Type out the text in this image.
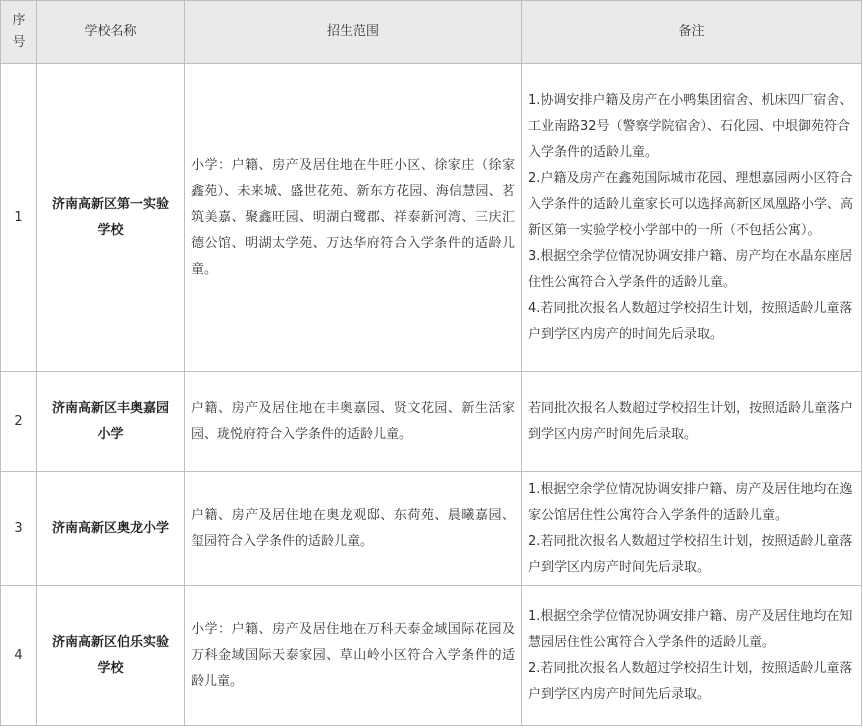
序号	学校名称	招生范围	备注
1	济南高新区第一实验学校	小学：户籍、房产及居住地在牛旺小区、徐家庄（徐家鑫苑）、未来城、盛世花苑、新东方花园、海信慧园、茗筑美嘉、聚鑫旺园、明湖白鹭郡、祥泰新河湾、三庆汇德公馆、明湖太学苑、万达华府符合入学条件的适龄儿童。	1.协调安排户籍及房产在小鸭集团宿舍、机床四厂宿舍、工业南路32号（警察学院宿舍）、石化园、中垠御苑符合入学条件的适龄儿童。
2.户籍及房产在鑫苑国际城市花园、理想嘉园两小区符合入学条件的适龄儿童家长可以选择高新区凤凰路小学、高新区第一实验学校小学部中的一所（不包括公寓）。
3.根据空余学位情况协调安排户籍、房产均在水晶东座居住性公寓符合入学条件的适龄儿童。
4.若同批次报名人数超过学校招生计划，按照适龄儿童落户到学区内房产的时间先后录取。

2	济南高新区丰奥嘉园小学	户籍、房产及居住地在丰奥嘉园、贤文花园、新生活家园、珑悦府符合入学条件的适龄儿童。	若同批次报名人数超过学校招生计划，按照适龄儿童落户到学区内房产时间先后录取。

3	济南高新区奥龙小学	户籍、房产及居住地在奥龙观邸、东荷苑、晨曦嘉园、玺园符合入学条件的适龄儿童。	1.根据空余学位情况协调安排户籍、房产及居住地均在逸家公馆居住性公寓符合入学条件的适龄儿童。
2.若同批次报名人数超过学校招生计划，按照适龄儿童落户到学区内房产时间先后录取。

4	济南高新区伯乐实验学校	小学：户籍、房产及居住地在万科天泰金域国际花园及万科金域国际天泰家园、草山岭小区符合入学条件的适龄儿童。	1.根据空余学位情况协调安排户籍、房产及居住地均在知慧园居住性公寓符合入学条件的适龄儿童。
2.若同批次报名人数超过学校招生计划，按照适龄儿童落户到学区内房产时间先后录取。
